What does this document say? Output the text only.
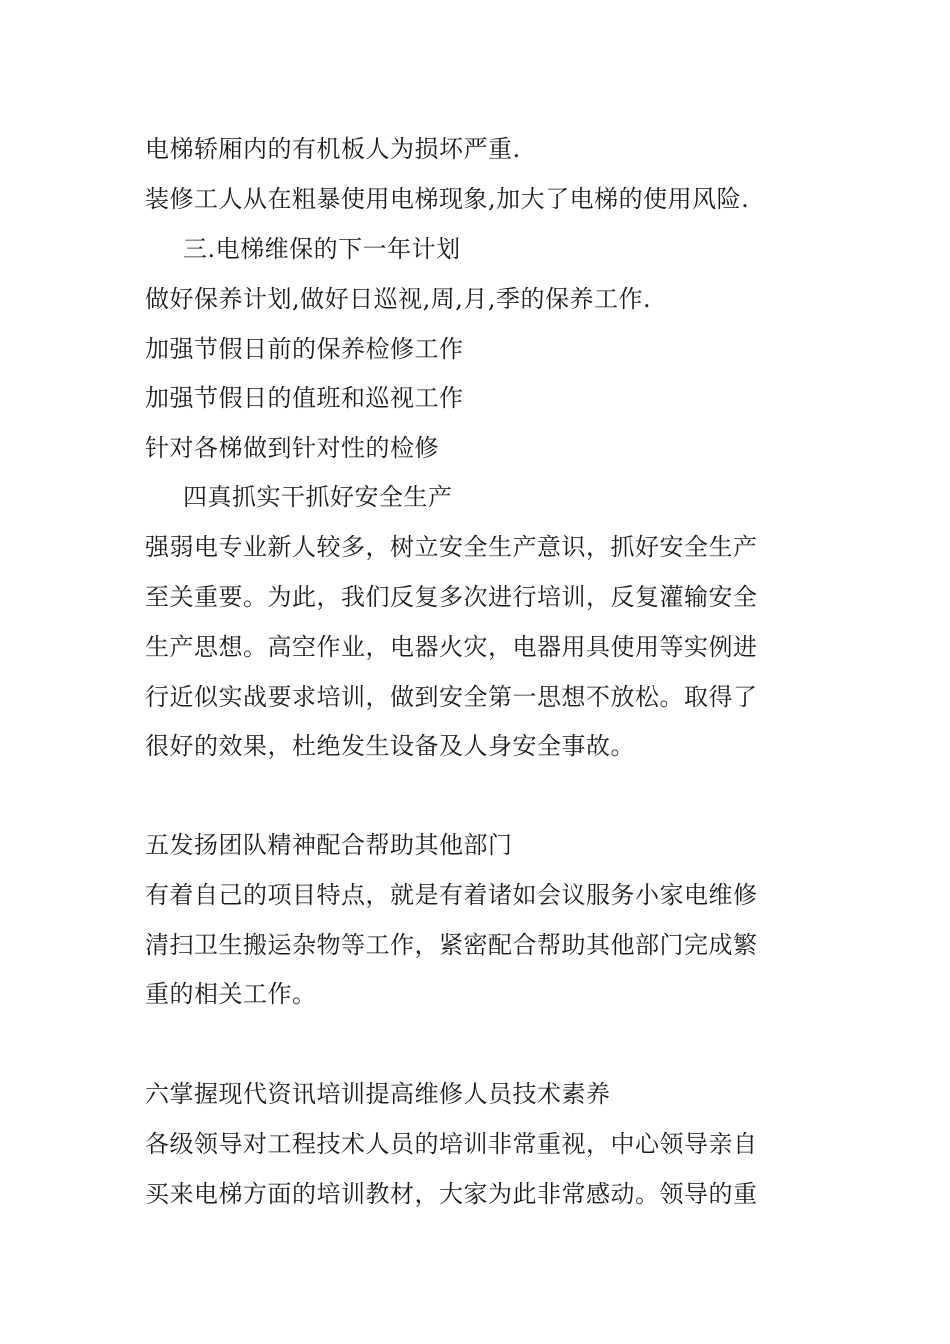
电梯轿厢内的有机板人为损坏严重.
装修工人从在粗暴使用电梯现象,加大了电梯的使用风险.
三.电梯维保的下一年计划
做好保养计划,做好日巡视,周,月,季的保养工作.
加强节假日前的保养检修工作
加强节假日的值班和巡视工作
针对各梯做到针对性的检修
四真抓实干抓好安全生产
强弱电专业新人较多，树立安全生产意识，抓好安全生产
至关重要。为此，我们反复多次进行培训，反复灌输安全
生产思想。高空作业，电器火灾，电器用具使用等实例进
行近似实战要求培训，做到安全第一思想不放松。取得了
很好的效果，杜绝发生设备及人身安全事故。
五发扬团队精神配合帮助其他部门
有着自己的项目特点，就是有着诸如会议服务小家电维修
清扫卫生搬运杂物等工作，紧密配合帮助其他部门完成繁
重的相关工作。
六掌握现代资讯培训提高维修人员技术素养
各级领导对工程技术人员的培训非常重视，中心领导亲自
买来电梯方面的培训教材，大家为此非常感动。领导的重
